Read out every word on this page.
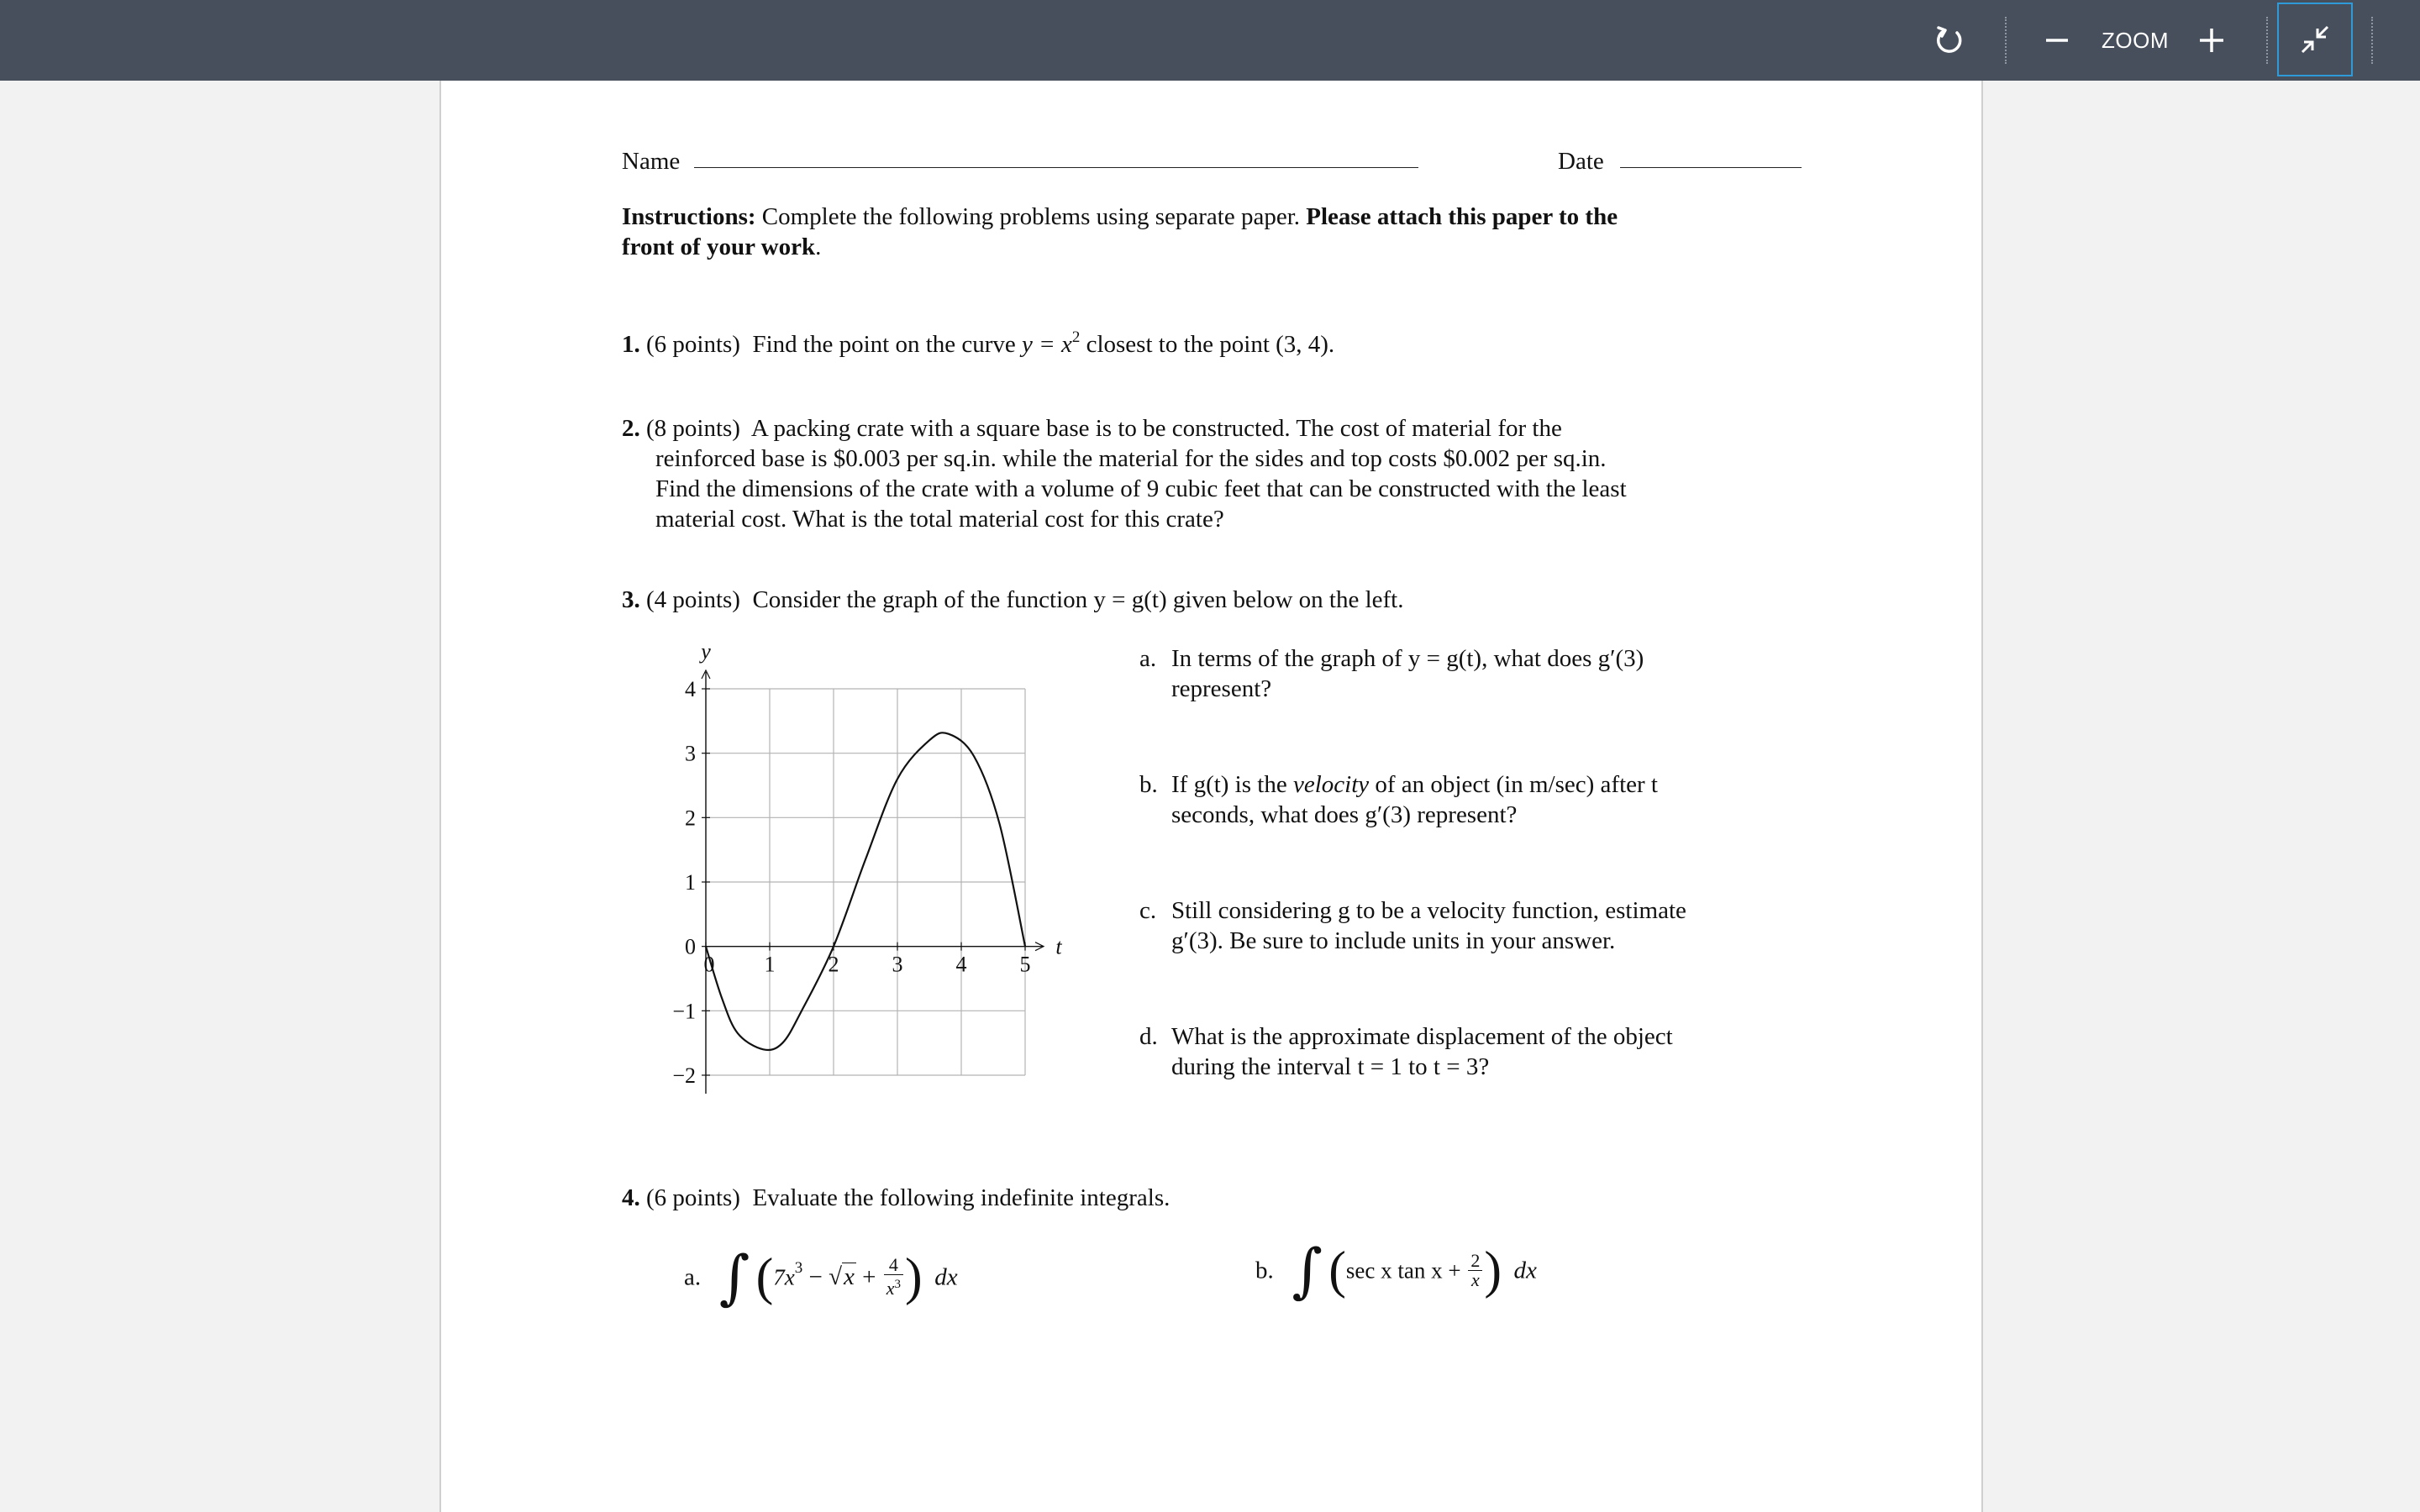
ZOOM
Name	Date
Instructions: Complete the following problems using separate paper. Please attach this paper to the
front of your work.
1. (6 points) Find the point on the curve $y = x^2$ closest to the point (3, 4).
2. (8 points) A packing crate with a square base is to be constructed. The cost of material for the
reinforced base is $0.003 per sq.in. while the material for the sides and top costs $0.002 per sq.in.
Find the dimensions of the crate with a volume of 9 cubic feet that can be constructed with the least
material cost. What is the total material cost for this crate?
3. (4 points) Consider the graph of the function y = g(t) given below on the left.
0 1 2 3 4 5
4
3
2
1
0
−1
−2
y
t
a. In terms of the graph of y = g(t), what does g′(3)
represent?
b. If g(t) is the velocity of an object (in m/sec) after t
seconds, what does g′(3) represent?
c. Still considering g to be a velocity function, estimate
g′(3). Be sure to include units in your answer.
d. What is the approximate displacement of the object
during the interval t = 1 to t = 3?
4. (6 points) Evaluate the following indefinite integrals.
a. ∫ ($7x^3 - √x + \frac{4}{x^3}$ ) dx	b. ∫ (sec x $\tan x + \frac{2}{x}$ ) dx
